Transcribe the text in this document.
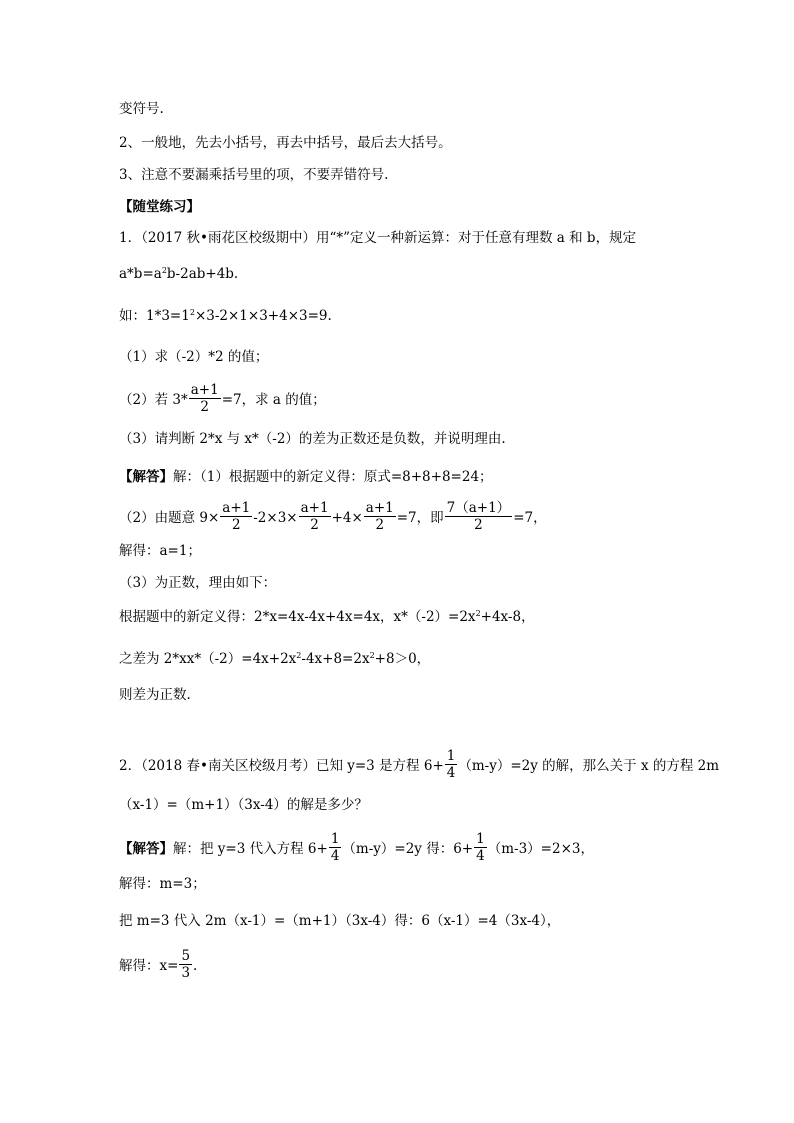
变符号.
2、一般地，先去小括号，再去中括号，最后去大括号。
3、注意不要漏乘括号里的项，不要弄错符号.
【随堂练习】
1．（2017 秋•雨花区校级期中）用“*”定义一种新运算：对于任意有理数 a 和 b，规定
$a*b=a^2b-2ab+4b$.
如：$1*3=1^2\times 3-2\times 1\times 3+4\times 3=9$.
（1）求（-2）*2 的值；
（2）若 $3* \frac{a+1}{2} =7$，求 a 的值；
（3）请判断 2*x 与 x*（-2）的差为正数还是负数，并说明理由.
【解答】解：（1）根据题中的新定义得：原式=8+8+8=24；
（2）由题意 $9\times \frac{a+1}{2} -2\times 3\times \frac{a+1}{2} +4\times \frac{a+1}{2} =7$，即 $\frac{7(a+1)}{2} =7$，
解得：a=1；
（3）为正数，理由如下：
根据题中的新定义得：2*x=4x-4x+4x=4x，$x*(-2)=2x^2+4x-8$，
之差为 $2*xx*(-2)=4x+2x^2-4x+8=2x^2+8>0$，
则差为正数.
2．（2018 春•南关区校级月考）已知 y=3 是方程 $6+ \frac{1}{4} (m-y)=2y$ 的解，那么关于 x 的方程 2m
（x-1）=（m+1）（3x-4）的解是多少？
【解答】解：把 y=3 代入方程 $6+ \frac{1}{4} (m-y)=2y$ 得：$6+ \frac{1}{4} (m-3)=2\times 3$，
解得：m=3；
把 m=3 代入 2m（x-1）=（m+1）（3x-4）得：6（x-1）=4（3x-4），
解得：$x= \frac{5}{3}$ .
